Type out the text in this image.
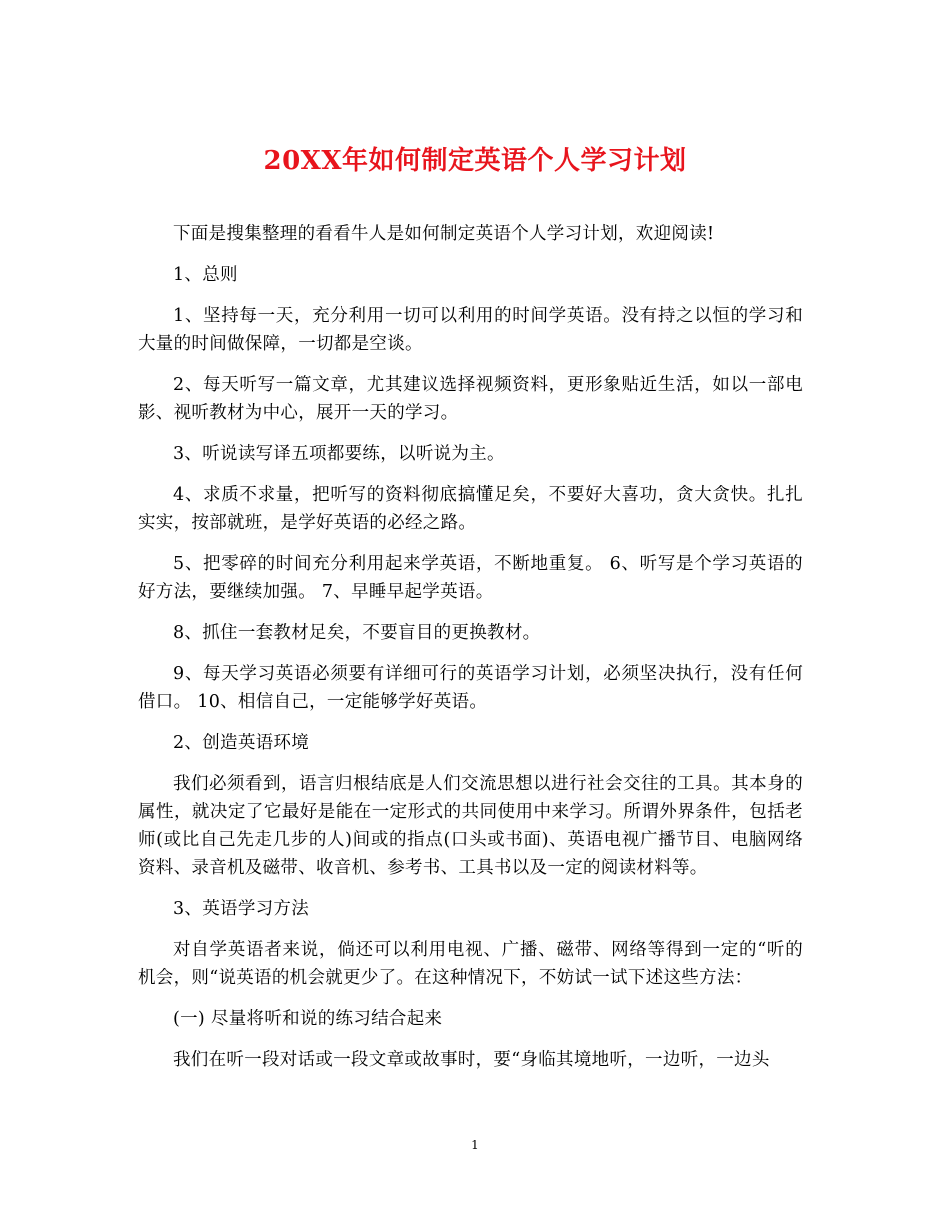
20XX年如何制定英语个人学习计划

下面是搜集整理的看看牛人是如何制定英语个人学习计划，欢迎阅读!

1、总则

1、坚持每一天，充分利用一切可以利用的时间学英语。没有持之以恒的学习和大量的时间做保障，一切都是空谈。

2、每天听写一篇文章，尤其建议选择视频资料，更形象贴近生活，如以一部电影、视听教材为中心，展开一天的学习。

3、听说读写译五项都要练，以听说为主。

4、求质不求量，把听写的资料彻底搞懂足矣，不要好大喜功，贪大贪快。扎扎实实，按部就班，是学好英语的必经之路。

5、把零碎的时间充分利用起来学英语，不断地重复。 6、听写是个学习英语的好方法，要继续加强。 7、早睡早起学英语。

8、抓住一套教材足矣，不要盲目的更换教材。

9、每天学习英语必须要有详细可行的英语学习计划，必须坚决执行，没有任何借口。 10、相信自己，一定能够学好英语。

2、创造英语环境

我们必须看到，语言归根结底是人们交流思想以进行社会交往的工具。其本身的属性，就决定了它最好是能在一定形式的共同使用中来学习。所谓外界条件，包括老师(或比自己先走几步的人)间或的指点(口头或书面)、英语电视广播节目、电脑网络资料、录音机及磁带、收音机、参考书、工具书以及一定的阅读材料等。

3、英语学习方法

对自学英语者来说，倘还可以利用电视、广播、磁带、网络等得到一定的“听的机会，则“说英语的机会就更少了。在这种情况下，不妨试一试下述这些方法：

(一) 尽量将听和说的练习结合起来

我们在听一段对话或一段文章或故事时，要“身临其境地听，一边听，一边头

1
